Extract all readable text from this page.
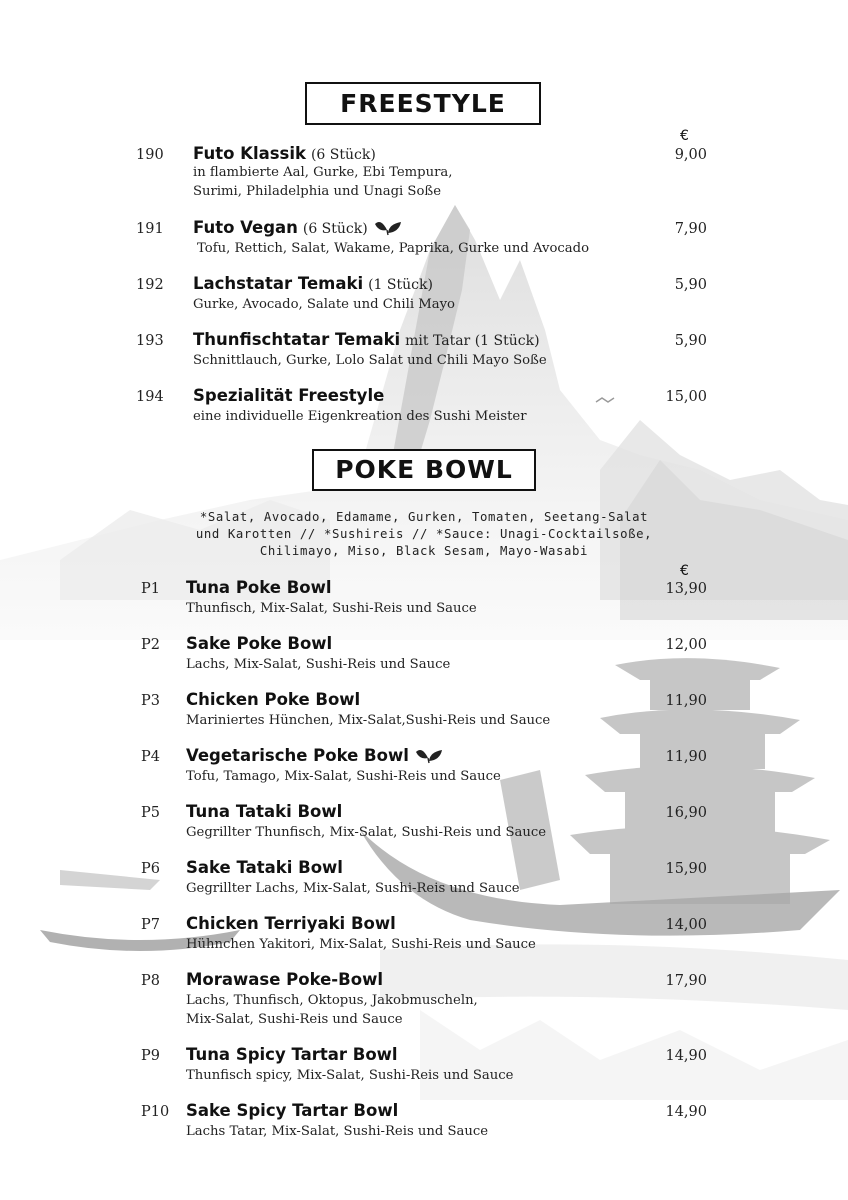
FREESTYLE
€
190 Futo Klassik (6 Stück)	9,00
in flambierte Aal, Gurke, Ebi Tempura,
Surimi, Philadelphia und Unagi Soße
191 Futo Vegan (6 Stück)	7,90
Tofu, Rettich, Salat, Wakame, Paprika, Gurke und Avocado
192 Lachstatar Temaki (1 Stück)	5,90
Gurke, Avocado, Salate und Chili Mayo
193 Thunfischtatar Temaki mit Tatar (1 Stück)	5,90
Schnittlauch, Gurke, Lolo Salat und Chili Mayo Soße
194 Spezialität Freestyle	15,00
eine individuelle Eigenkreation des Sushi Meister
POKE BOWL
*Salat, Avocado, Edamame, Gurken, Tomaten, Seetang-Salat
und Karotten // *Sushireis // *Sauce: Unagi-Cocktailsoße,
Chilimayo, Miso, Black Sesam, Mayo-Wasabi
€
P1 Tuna Poke Bowl	13,90
Thunfisch, Mix-Salat, Sushi-Reis und Sauce
P2 Sake Poke Bowl	12,00
Lachs, Mix-Salat, Sushi-Reis und Sauce
P3 Chicken Poke Bowl	11,90
Mariniertes Hünchen, Mix-Salat,Sushi-Reis und Sauce
P4 Vegetarische Poke Bowl	11,90
Tofu, Tamago, Mix-Salat, Sushi-Reis und Sauce
P5 Tuna Tataki Bowl	16,90
Gegrillter Thunfisch, Mix-Salat, Sushi-Reis und Sauce
P6 Sake Tataki Bowl	15,90
Gegrillter Lachs, Mix-Salat, Sushi-Reis und Sauce
P7 Chicken Terriyaki Bowl	14,00
Hühnchen Yakitori, Mix-Salat, Sushi-Reis und Sauce
P8 Morawase Poke-Bowl	17,90
Lachs, Thunfisch, Oktopus, Jakobmuscheln,
Mix-Salat, Sushi-Reis und Sauce
P9 Tuna Spicy Tartar Bowl	14,90
Thunfisch spicy, Mix-Salat, Sushi-Reis und Sauce
P10 Sake Spicy Tartar Bowl	14,90
Lachs Tatar, Mix-Salat, Sushi-Reis und Sauce
